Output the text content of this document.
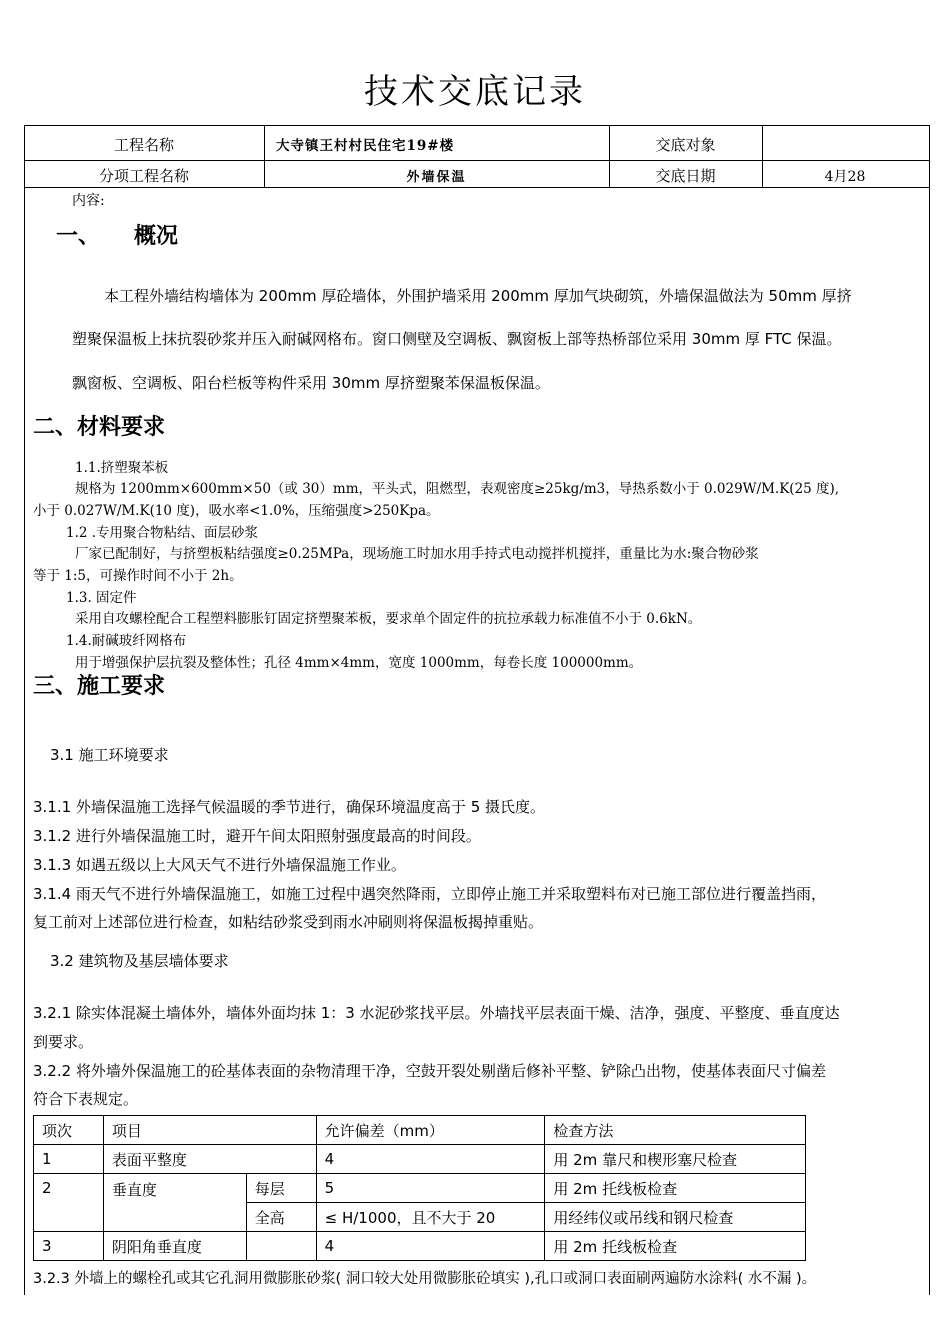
技术交底记录
工程名称	大寺镇王村村民住宅19#楼	交底对象
分项工程名称	外墙保温	交底日期	4月28
内容:
一、 概况
本工程外墙结构墙体为 200mm 厚砼墙体，外围护墙采用 200mm 厚加气块砌筑，外墙保温做法为 50mm 厚挤
塑聚保温板上抹抗裂砂浆并压入耐碱网格布。窗口侧壁及空调板、飘窗板上部等热桥部位采用 30mm 厚 FTC 保温。
飘窗板、空调板、阳台栏板等构件采用 30mm 厚挤塑聚苯保温板保温。
二、材料要求
1.1.挤塑聚苯板
规格为 1200mm×600mm×50（或 30）mm，平头式，阻燃型，表观密度≥25kg/m3，导热系数小于 0.029W/M.K(25 度),
小于 0.027W/M.K(10 度)，吸水率<1.0%，压缩强度>250Kpa。
1.2 .专用聚合物粘结、面层砂浆
厂家已配制好，与挤塑板粘结强度≥0.25MPa，现场施工时加水用手持式电动搅拌机搅拌，重量比为水:聚合物砂浆
等于 1:5，可操作时间不小于 2h。
1.3. 固定件
采用自攻螺栓配合工程塑料膨胀钉固定挤塑聚苯板，要求单个固定件的抗拉承载力标准值不小于 0.6kN。
1.4.耐碱玻纤网格布
用于增强保护层抗裂及整体性；孔径 4mm×4mm，宽度 1000mm，每卷长度 100000mm。
三、施工要求
3.1 施工环境要求
3.1.1 外墙保温施工选择气候温暖的季节进行，确保环境温度高于 5 摄氏度。
3.1.2 进行外墙保温施工时，避开午间太阳照射强度最高的时间段。
3.1.3 如遇五级以上大风天气不进行外墙保温施工作业。
3.1.4 雨天气不进行外墙保温施工，如施工过程中遇突然降雨，立即停止施工并采取塑料布对已施工部位进行覆盖挡雨，
复工前对上述部位进行检查，如粘结砂浆受到雨水冲刷则将保温板揭掉重贴。
3.2 建筑物及基层墙体要求
3.2.1 除实体混凝土墙体外，墙体外面均抹 1：3 水泥砂浆找平层。外墙找平层表面干燥、洁净，强度、平整度、垂直度达
到要求。
3.2.2 将外墙外保温施工的砼基体表面的杂物清理干净，空鼓开裂处剔凿后修补平整、铲除凸出物，使基体表面尺寸偏差
符合下表规定。
项次	项目		允许偏差（mm）	检查方法
1	表面平整度		4	用 2m 靠尺和楔形塞尺检查
2	垂直度	每层	5	用 2m 托线板检查
		全高	≤ H/1000，且不大于 20	用经纬仪或吊线和钢尺检查
3	阴阳角垂直度		4	用 2m 托线板检查
3.2.3 外墙上的螺栓孔或其它孔洞用微膨胀砂浆( 洞口较大处用微膨胀砼填实 ),孔口或洞口表面刷两遍防水涂料( 水不漏 )。
